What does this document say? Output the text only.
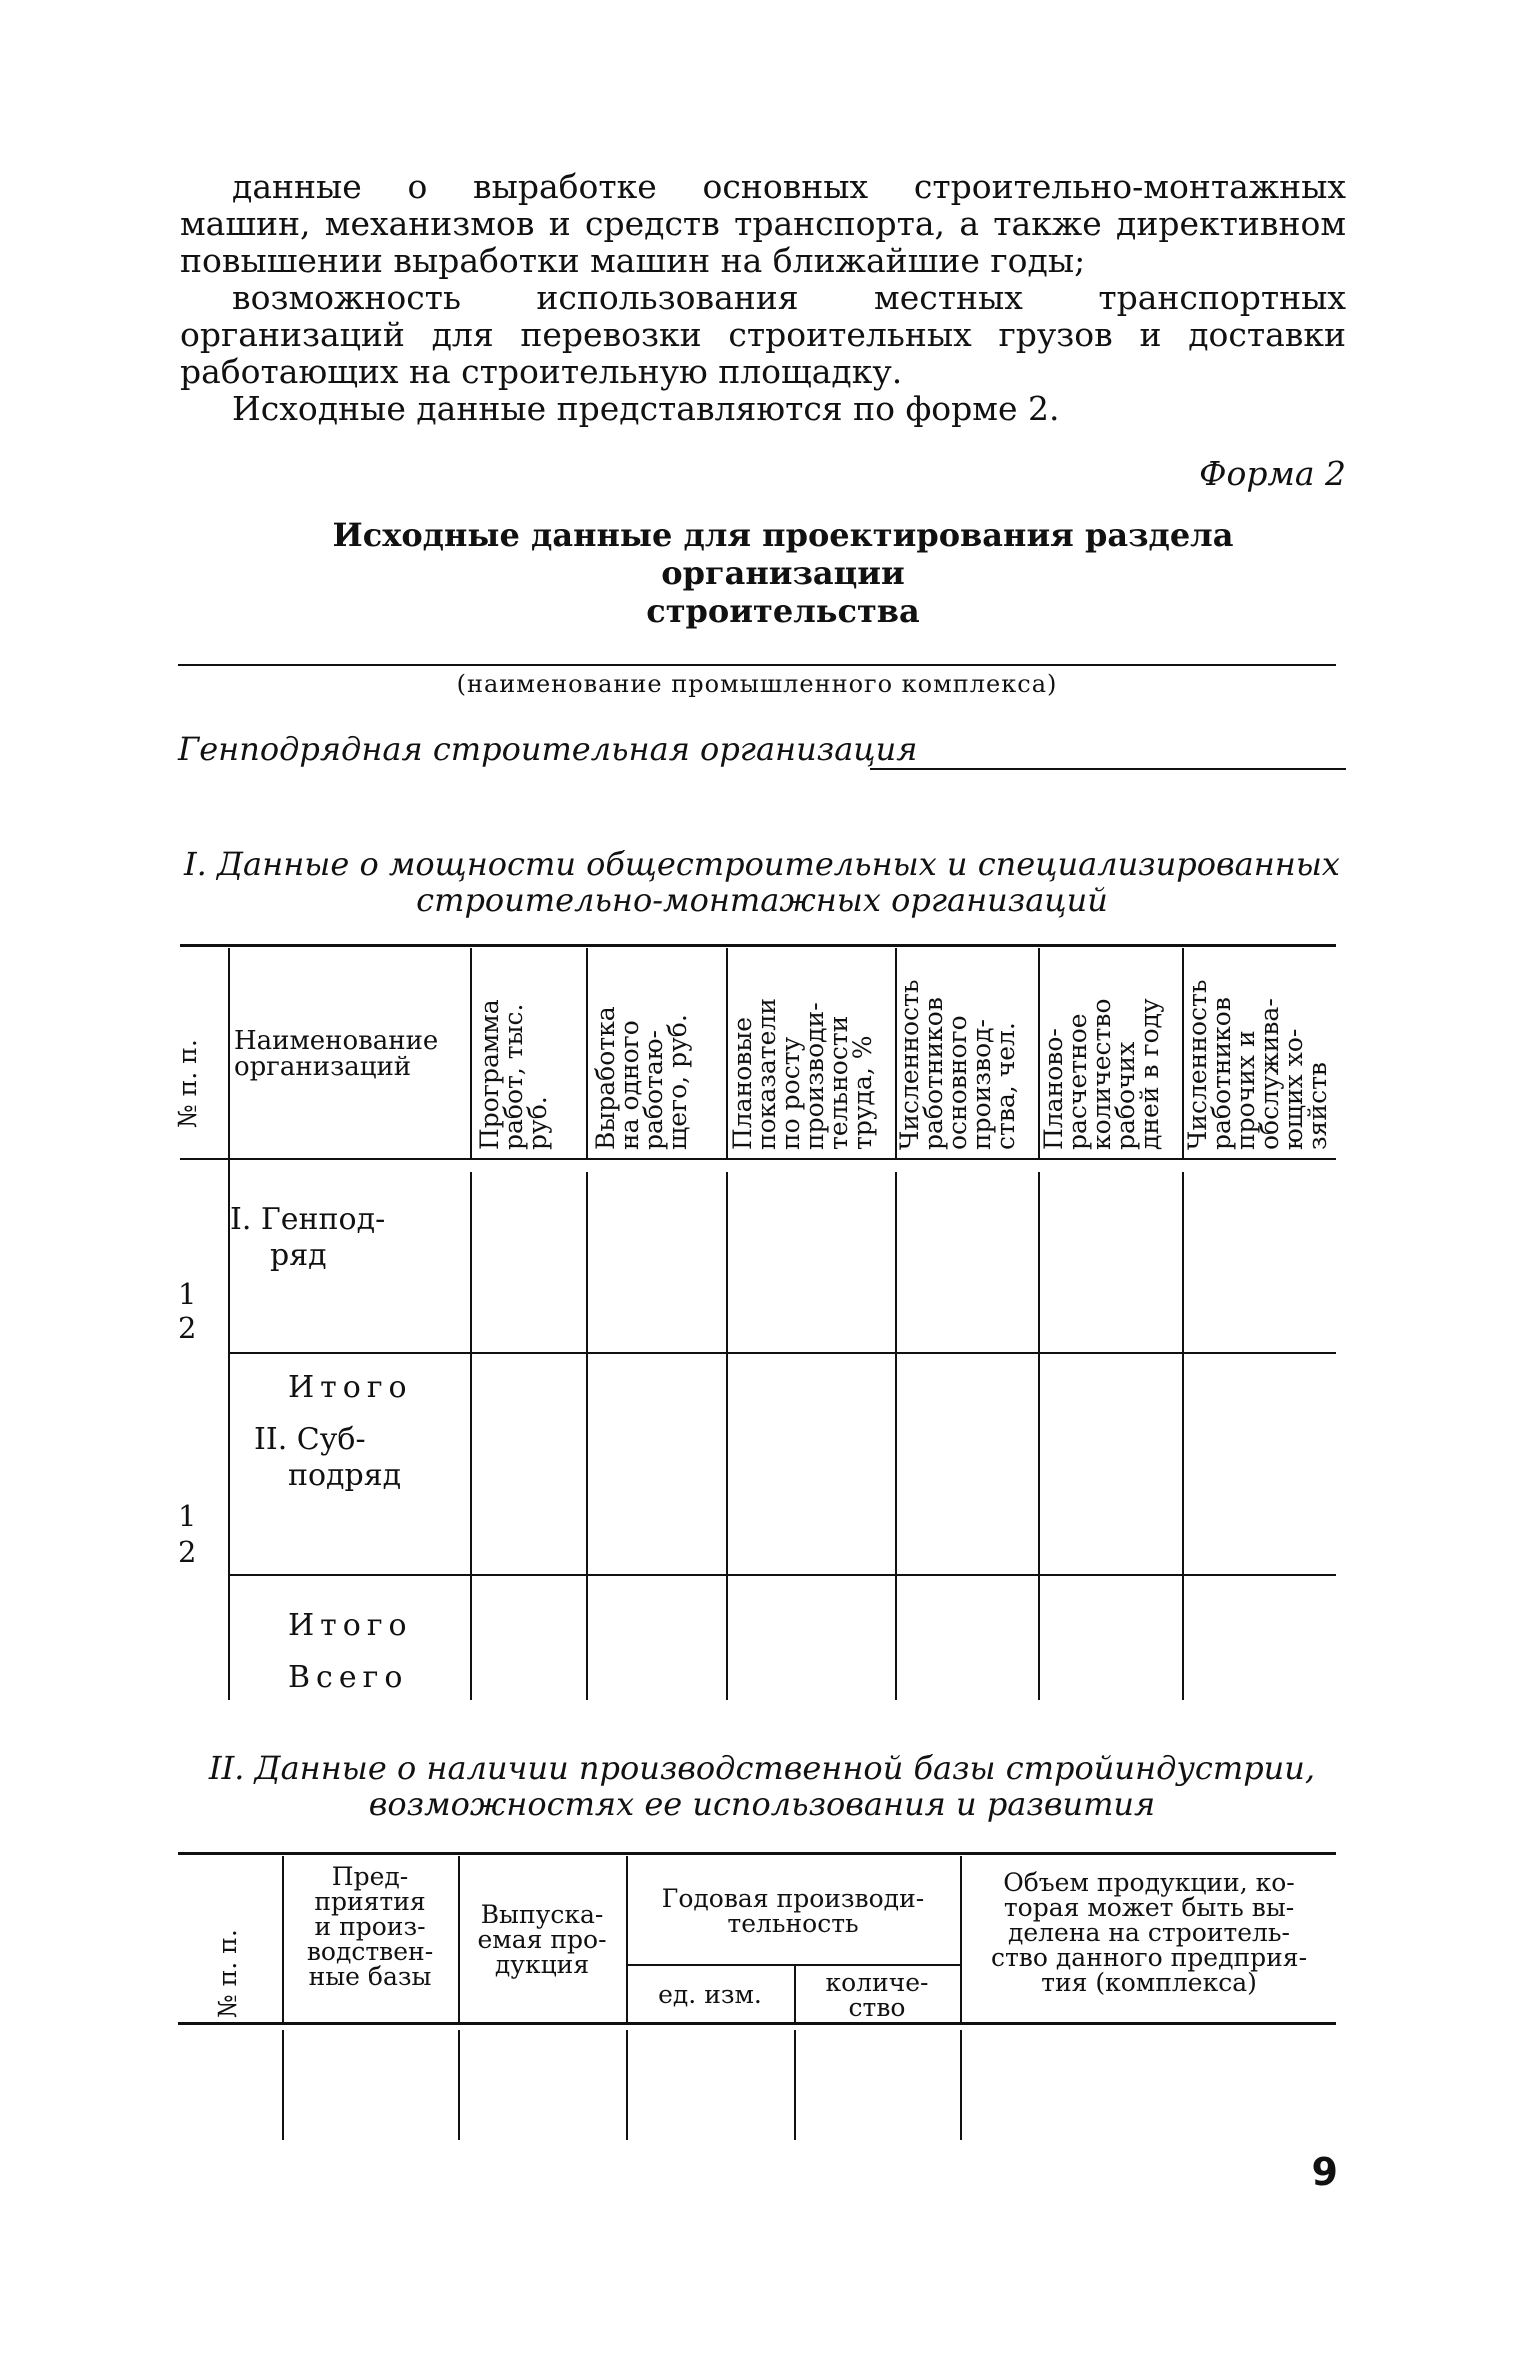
данные о выработке основных строительно-монтажных машин, механизмов и средств транспорта, а также директивном повышении выработки машин на ближайшие годы;

возможность использования местных транспортных организаций для перевозки строительных грузов и доставки работающих на строительную площадку.

Исходные данные представляются по форме 2.

Форма 2
Исходные данные для проектирования раздела организации
строительства
(наименование промышленного комплекса)
Генподрядная строительная организация
I. Данные о мощности общестроительных и специализированных
строительно-монтажных организаций
№ п. п. Наименование
организаций	Программа
работ, тыс.
руб. Выработка
на одного
работаю-
щего, руб. Плановые
показатели
по росту
производи-
тельности
труда, % Численность
работников
основного
производ-
ства, чел. Планово-
расчетное
количество
рабочих
дней в году Численность
работников
прочих и
обслужива-
ющих хо-
зяйств
I. Генпод-
ряд
1
2
Итого
II. Суб-
подряд
1
2
Итого
Всего
II. Данные о наличии производственной базы стройиндустрии,
возможностях ее использования и развития
№ п. п.
Пред-
приятия
и произ-
водствен-
ные базы
Выпуска-
емая про-
дукция
Годовая производи-
тельность
ед. изм.	количе-
ство
Объем продукции, ко-
торая может быть вы-
делена на строитель-
ство данного предприя-
тия (комплекса)
9
